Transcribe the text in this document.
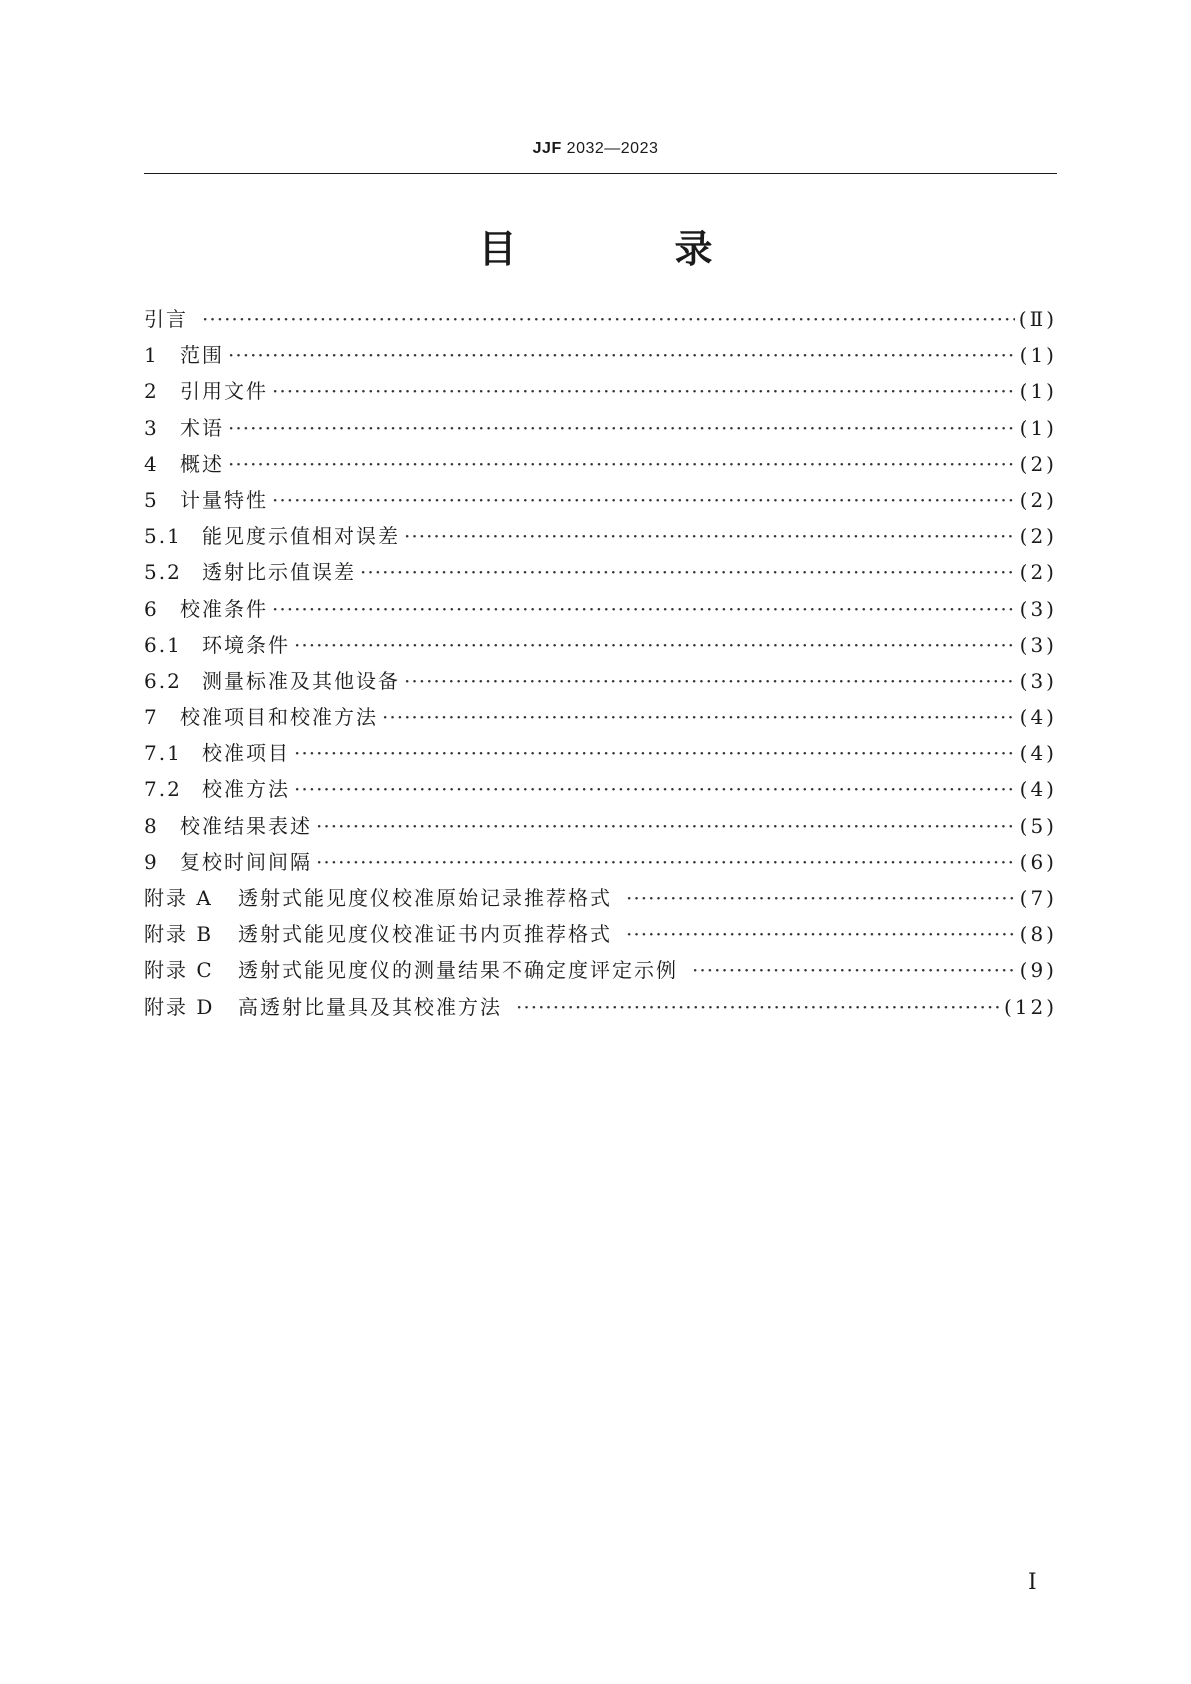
JJF 2032—2023
目　录
引言 ·····	(Ⅱ)
1 范围 ·····	(1)
2 引用文件 ·····	(1)
3 术语 ·····	(1)
4 概述 ·····	(2)
5 计量特性 ·····	(2)
5.1 能见度示值相对误差 ·····	(2)
5.2 透射比示值误差 ·····	(2)
6 校准条件 ·····	(3)
6.1 环境条件 ·····	(3)
6.2 测量标准及其他设备 ·····	(3)
7 校准项目和校准方法 ·····	(4)
7.1 校准项目 ·····	(4)
7.2 校准方法 ·····	(4)
8 校准结果表述 ·····	(5)
9 复校时间间隔 ·····	(6)
附录 A 透射式能见度仪校准原始记录推荐格式 ·····	(7)
附录 B 透射式能见度仪校准证书内页推荐格式 ·····	(8)
附录 C 透射式能见度仪的测量结果不确定度评定示例 ·····	(9)
附录 D 高透射比量具及其校准方法 ·····	(12)
Ⅰ
